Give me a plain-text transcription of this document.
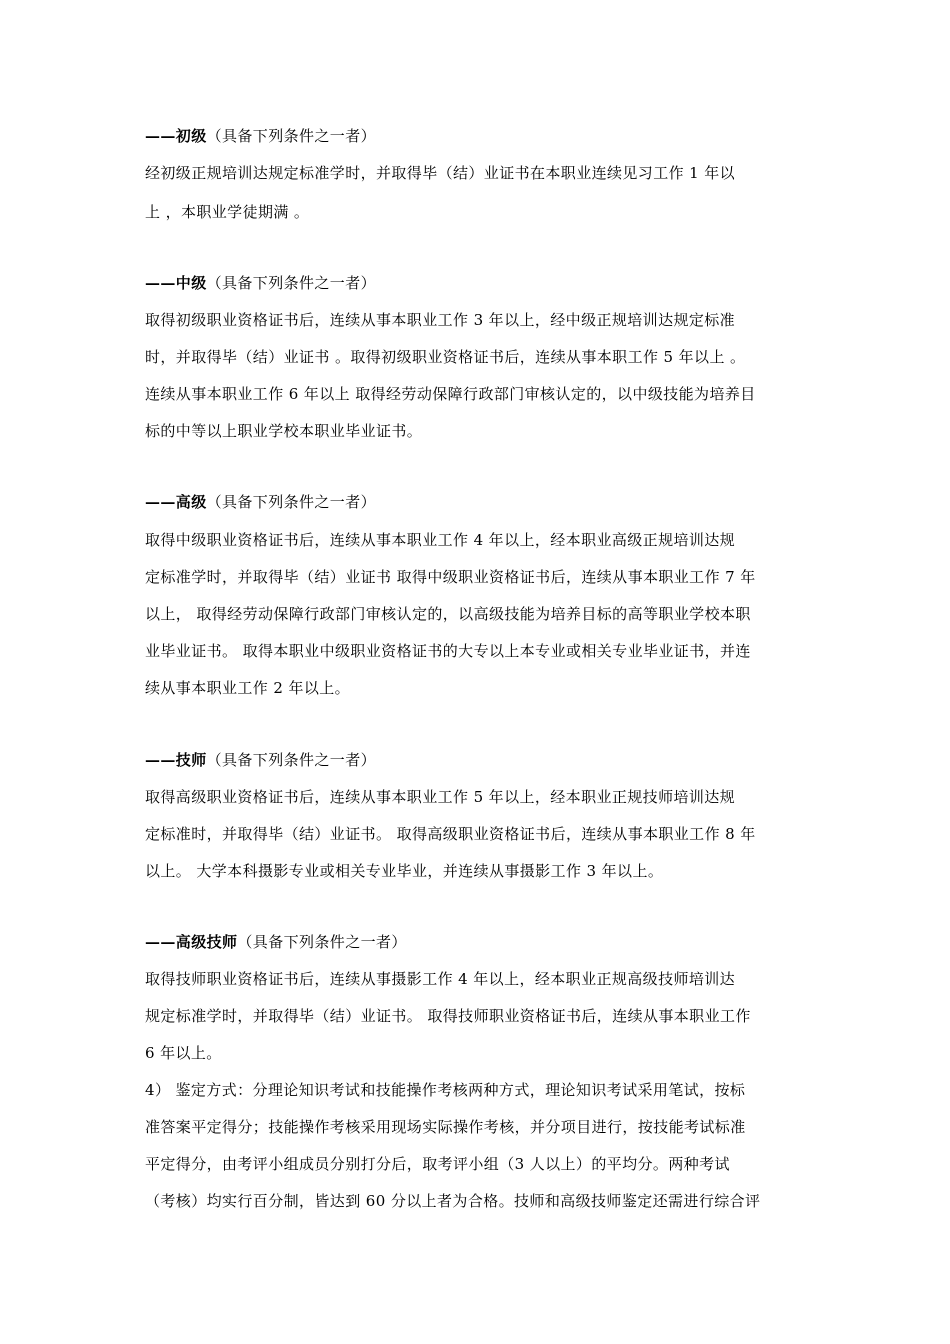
——初级（具备下列条件之一者）
经初级正规培训达规定标准学时，并取得毕（结）业证书在本职业连续见习工作 1 年以
上 ，本职业学徒期满 。
——中级（具备下列条件之一者）
取得初级职业资格证书后，连续从事本职业工作 3 年以上，经中级正规培训达规定标准
时，并取得毕（结）业证书 。取得初级职业资格证书后，连续从事本职工作 5 年以上 。
连续从事本职业工作 6 年以上 取得经劳动保障行政部门审核认定的，以中级技能为培养目
标的中等以上职业学校本职业毕业证书。
——高级（具备下列条件之一者）
取得中级职业资格证书后，连续从事本职业工作 4 年以上，经本职业高级正规培训达规
定标准学时，并取得毕（结）业证书 取得中级职业资格证书后，连续从事本职业工作 7 年
以上， 取得经劳动保障行政部门审核认定的，以高级技能为培养目标的高等职业学校本职
业毕业证书。 取得本职业中级职业资格证书的大专以上本专业或相关专业毕业证书，并连
续从事本职业工作 2 年以上。
——技师（具备下列条件之一者）
取得高级职业资格证书后，连续从事本职业工作 5 年以上，经本职业正规技师培训达规
定标准时，并取得毕（结）业证书。 取得高级职业资格证书后，连续从事本职业工作 8 年
以上。 大学本科摄影专业或相关专业毕业，并连续从事摄影工作 3 年以上。
——高级技师（具备下列条件之一者）
取得技师职业资格证书后，连续从事摄影工作 4 年以上，经本职业正规高级技师培训达
规定标准学时，并取得毕（结）业证书。 取得技师职业资格证书后，连续从事本职业工作
6 年以上。
4） 鉴定方式：分理论知识考试和技能操作考核两种方式，理论知识考试采用笔试，按标
准答案平定得分；技能操作考核采用现场实际操作考核，并分项目进行，按技能考试标准
平定得分，由考评小组成员分别打分后，取考评小组（3 人以上）的平均分。两种考试
（考核）均实行百分制，皆达到 60 分以上者为合格。技师和高级技师鉴定还需进行综合评
